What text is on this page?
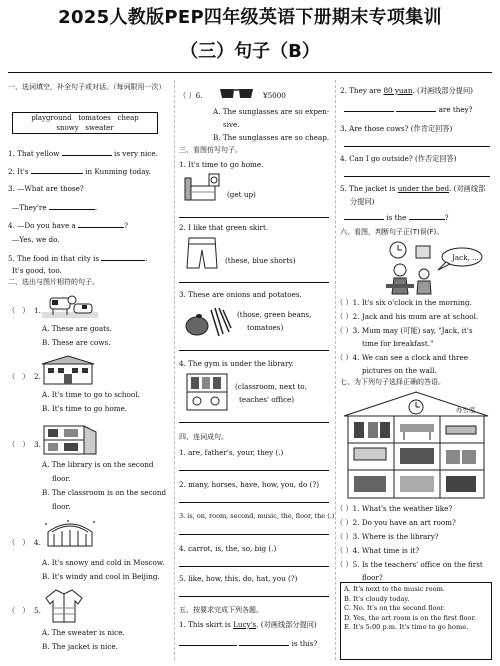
2025人教版PEP四年级英语下册期末专项集训
（三）句子（B）
一、选词填空，补全句子或对话。（每词限用一次）
playground   tomatoes   cheap
snowy   sweater
1. That yellow	is very nice.
2. It's	in Kunming today.
3. —What are those?
—They're	.
4. —Do you have a	?
—Yes, we do.
5. The food in that city is	.
It's good, too.
二、选出与图片相符的句子。
（　） 1.
A. These are goats.
B. These are cows.
（　） 2.
A. It's time to go to school.
B. It's time to go home.
（　） 3.
A. The library is on the second
floor.
B. The classroom is on the second
floor.
（　） 4.
A. It's snowy and cold in Moscow.
B. It's windy and cool in Beijing.
（　） 5.
A. The sweater is nice.
B. The jacket is nice.
（ ）6.	¥5000
A. The sunglasses are so expen-
sive.
B. The sunglasses are so cheap.
三、看图仿写句子。
1. It's time to go home.
(get up)
2. I like that green skirt.
(these, blue shorts)
3. These are onions and potatoes.
(those, green beans,
tomatoes)
4. The gym is under the library.
(classroom, next to,
teaches' office)
四、连词成句。
1. are, father's, your, they (.)
2. many, horses, have, how, you, do (?)
3. is, on, room, second, music, the, floor, the (.)
4. carrot, is, the, so, big (.)
5. like, how, this, do, hat, you (?)
五、按要求完成下列各题。
1. This skirt is Lucy's. (对画线部分提问)
is this?
2. They are 80 yuan. (对画线部分提问)
are they?
3. Are those cows? (作肯定回答)
4. Can I go outside? (作否定回答)
5. The jacket is under the bed. (对画线部
分提问)
is the	?
六、看图，判断句子正(T)误(F)。
Jack, ...
（ ）1. It's six o'clock in the morning.
（ ）2. Jack and his mum are at school.
（ ）3. Mum may (可能) say, "Jack, it's
time for breakfast."
（ ）4. We can see a clock and three
pictures on the wall.
七、为下列句子选择正确的答语。
办公室
（ ）1. What's the weather like?
（ ）2. Do you have an art room?
（ ）3. Where is the library?
（ ）4. What time is it?
（ ）5. Is the teachers' office on the first
floor?
A. It's next to the music room.
B. It's cloudy today.
C. No. It's on the second floor.
D. Yes, the art room is on the first floor.
E. It's 5:00 p.m. It's time to go home.
